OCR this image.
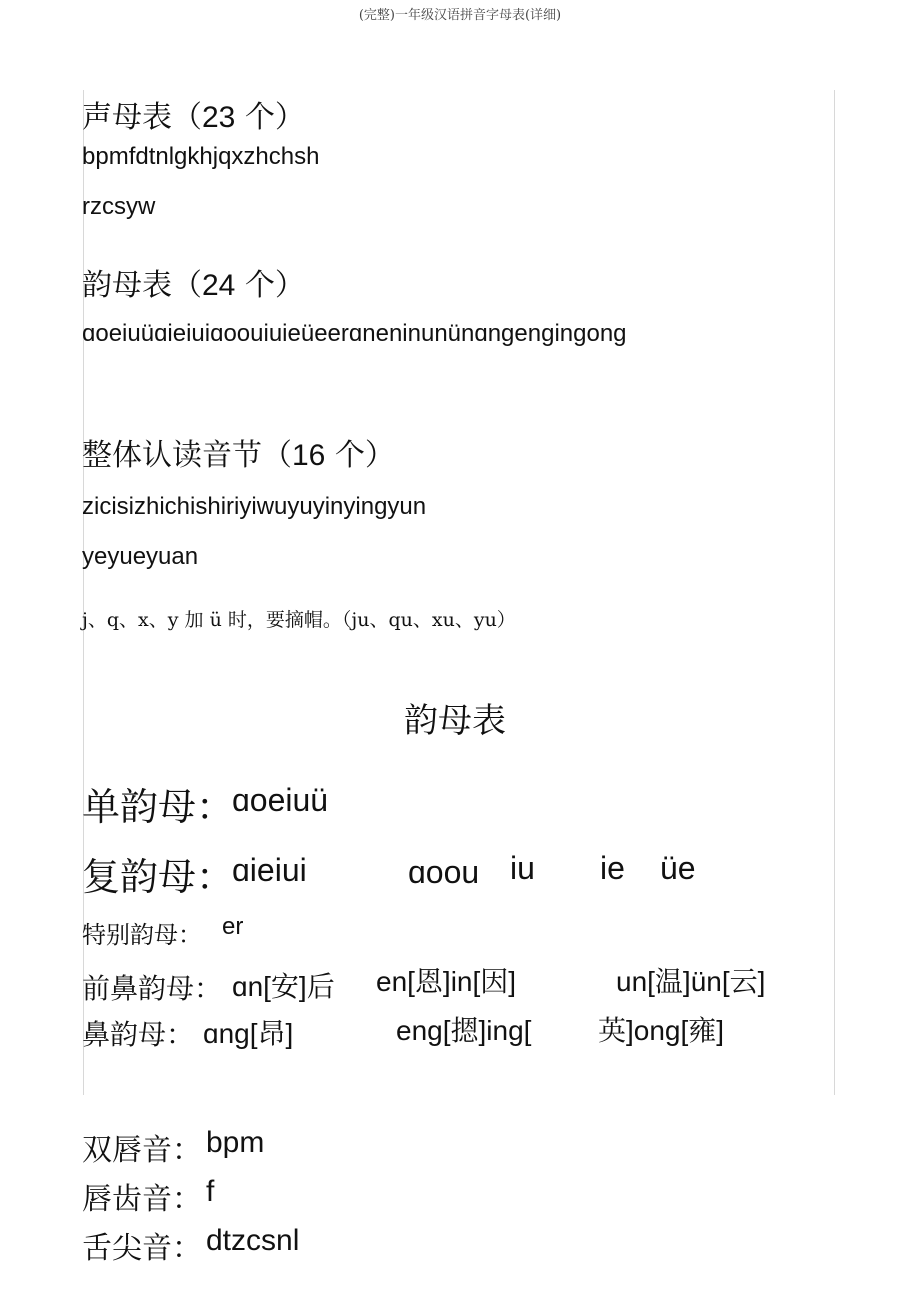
(完整)一年级汉语拼音字母表(详细)
声母表（23 个）
bpmfdtnlgkhjqxzhchsh
rzcsyw
韵母表（24 个）
ɑoeiuüɑieiuiɑoouiuieüeerɑneninunünɑngengingong
整体认读音节（16 个）
zicisizhichishiriyiwuyuyinyingyun
yeyueyuan
j、q、x、y 加 ü 时，要摘帽。（ju、qu、xu、yu）
韵母表
单韵母：
ɑoeiuü
复韵母：
ɑieiui	ɑoou iu ie üe
特别韵母： er
前鼻韵母： ɑn[安]后 en[恩]in[因]	un[温]ün[云]
鼻韵母： ɑng[昂]	eng[摁]ing[ 英]ong[雍]
双唇音： bpm
唇齿音： f
舌尖音： dtzcsnl
